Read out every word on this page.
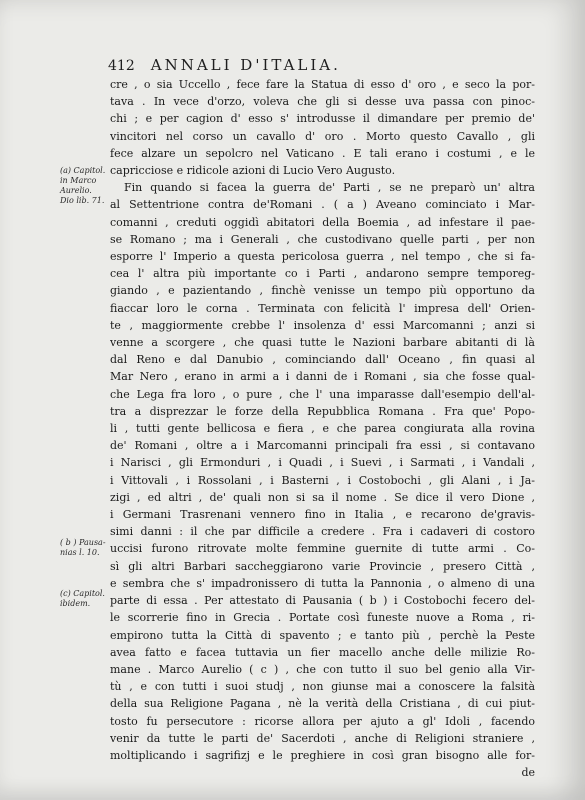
412 ANNALI D'ITALIA.
(a) Capitol.
in Marco
Aurelio.
Dio lib. 71.
( b ) Pausa-
nias l. 10.
(c) Capitol.
ibidem.
cre , o sia Uccello , fece fare la Statua di esso d' oro , e seco la por-
tava . In vece d'orzo, voleva che gli si desse uva passa con pinoc-
chi ; e per cagion d' esso s' introdusse il dimandare per premio de'
vincitori nel corso un cavallo d' oro . Morto questo Cavallo , gli
fece alzare un sepolcro nel Vaticano . E tali erano i costumi , e le
capricciose e ridicole azioni di Lucio Vero Augusto.
Fin quando si facea la guerra de' Parti , se ne preparò un' altra
al Settentrione contra de'Romani . ( a ) Aveano cominciato i Mar-
comanni , creduti oggidì abitatori della Boemia , ad infestare il pae-
se Romano ; ma i Generali , che custodivano quelle parti , per non
esporre l' Imperio a questa pericolosa guerra , nel tempo , che si fa-
cea l' altra più importante co i Parti , andarono sempre temporeg-
giando , e pazientando , finchè venisse un tempo più opportuno da
fiaccar loro le corna . Terminata con felicità l' impresa dell' Orien-
te , maggiormente crebbe l' insolenza d' essi Marcomanni ; anzi si
venne a scorgere , che quasi tutte le Nazioni barbare abitanti di là
dal Reno e dal Danubio , cominciando dall' Oceano , fin quasi al
Mar Nero , erano in armi a i danni de i Romani , sia che fosse qual-
che Lega fra loro , o pure , che l' una imparasse dall'esempio dell'al-
tra a disprezzar le forze della Repubblica Romana . Fra que' Popo-
li , tutti gente bellicosa e fiera , e che parea congiurata alla rovina
de' Romani , oltre a i Marcomanni principali fra essi , si contavano
i Narisci , gli Ermonduri , i Quadi , i Suevi , i Sarmati , i Vandali ,
i Vittovali , i Rossolani , i Basterni , i Costobochi , gli Alani , i Ja-
zigi , ed altri , de' quali non si sa il nome . Se dice il vero Dione ,
i Germani Trasrenani vennero fino in Italia , e recarono de'gravis-
simi danni : il che par difficile a credere . Fra i cadaveri di costoro
uccisi furono ritrovate molte femmine guernite di tutte armi . Co-
sì gli altri Barbari saccheggiarono varie Provincie , presero Città ,
e sembra che s' impadronissero di tutta la Pannonia , o almeno di una
parte di essa . Per attestato di Pausania ( b ) i Costobochi fecero del-
le scorrerie fino in Grecia . Portate così funeste nuove a Roma , ri-
empirono tutta la Città di spavento ; e tanto più , perchè la Peste
avea fatto e facea tuttavia un fier macello anche delle milizie Ro-
mane . Marco Aurelio ( c ) , che con tutto il suo bel genio alla Vir-
tù , e con tutti i suoi studj , non giunse mai a conoscere la falsità
della sua Religione Pagana , nè la verità della Cristiana , di cui piut-
tosto fu persecutore : ricorse allora per ajuto a gl' Idoli , facendo
venir da tutte le parti de' Sacerdoti , anche di Religioni straniere ,
moltiplicando i sagrifizj e le preghiere in così gran bisogno alle for-
de
